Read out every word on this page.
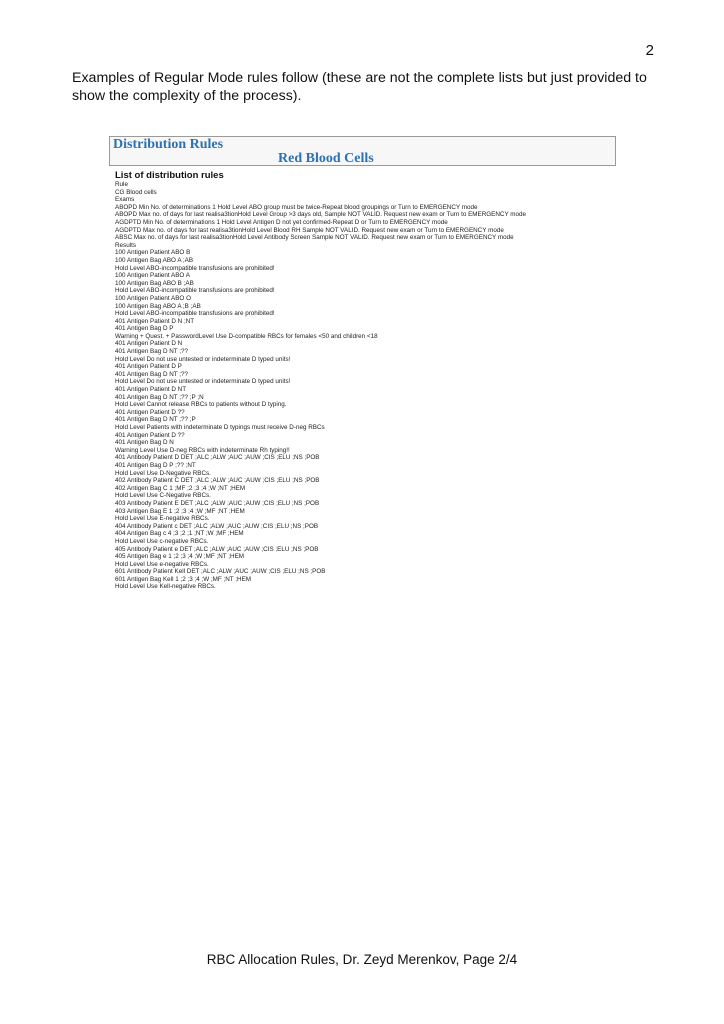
2
Examples of Regular Mode rules follow (these are not the complete lists but just provided to show the complexity of the process).
Distribution Rules
Red Blood Cells
List of distribution rules
Rule
CG Blood cells
Exams
ABOPD Min No. of determinations 1 Hold Level ABO group must be twice-Repeat blood groupings or Turn to EMERGENCY mode
ABOPD Max no. of days for last realisa3tionHold Level Group >3 days old, Sample NOT VALID. Request new exam or Turn to EMERGENCY mode
AGDPTD Min No. of determinations 1 Hold Level Antigen D not yet confirmed-Repeat D or Turn to EMERGENCY mode
AGDPTD Max no. of days for last realisa3tionHold Level Blood RH Sample NOT VALID. Request new exam or Turn to EMERGENCY mode
ABSC Max no. of days for last realisa3tionHold Level Antibody Screen Sample NOT VALID. Request new exam or Turn to EMERGENCY mode
Results
100 Antigen Patient ABO B
100 Antigen Bag ABO A ;AB
Hold Level ABO-incompatible transfusions are prohibited!
100 Antigen Patient ABO A
100 Antigen Bag ABO B ;AB
Hold Level ABO-incompatible transfusions are prohibited!
100 Antigen Patient ABO O
100 Antigen Bag ABO A ;B ;AB
Hold Level ABO-incompatible transfusions are prohibited!
401 Antigen Patient D N ;NT
401 Antigen Bag D P
Warning + Quest. + PasswordLevel Use D-compatible RBCs for females <50 and children <18
401 Antigen Patient D N
401 Antigen Bag D NT ;??
Hold Level Do not use untested or indeterminate D typed units!
401 Antigen Patient D P
401 Antigen Bag D NT ;??
Hold Level Do not use untested or indeterminate D typed units!
401 Antigen Patient D NT
401 Antigen Bag D NT ;?? ;P ;N
Hold Level Cannot release RBCs to patients without D typing.
401 Antigen Patient D ??
401 Antigen Bag D NT ;?? ;P
Hold Level Patients with indeterminate D typings must receive D-neg RBCs
401 Antigen Patient D ??
401 Antigen Bag D N
Warning Level Use D-neg RBCs with indeterminate Rh typing!!
401 Antibody Patient D DET ;ALC ;ALW ;AUC ;AUW ;CIS ;ELU ;NS ;POB
401 Antigen Bag D P ;?? ;NT
Hold Level Use D-Negative RBCs.
402 Antibody Patient C DET ;ALC ;ALW ;AUC ;AUW ;CIS ;ELU ;NS ;POB
402 Antigen Bag C 1 ;MF ;2 ;3 ;4 ;W ;NT ;HEM
Hold Level Use C-Negative RBCs.
403 Antibody Patient E DET ;ALC ;ALW ;AUC ;AUW ;CIS ;ELU ;NS ;POB
403 Antigen Bag E 1 ;2 ;3 ;4 ;W ;MF ;NT ;HEM
Hold Level Use E-negative RBCs.
404 Antibody Patient c DET ;ALC ;ALW ;AUC ;AUW ;CIS ;ELU ;NS ;POB
404 Antigen Bag c 4 ;3 ;2 ;1 ;NT ;W ;MF ;HEM
Hold Level Use c-negative RBCs.
405 Antibody Patient e DET ;ALC ;ALW ;AUC ;AUW ;CIS ;ELU ;NS ;POB
405 Antigen Bag e 1 ;2 ;3 ;4 ;W ;MF ;NT ;HEM
Hold Level Use e-negative RBCs.
601 Antibody Patient Kell DET ;ALC ;ALW ;AUC ;AUW ;CIS ;ELU ;NS ;POB
601 Antigen Bag Kell 1 ;2 ;3 ;4 ;W ;MF ;NT ;HEM
Hold Level Use Kell-negative RBCs.
RBC Allocation Rules, Dr. Zeyd Merenkov, Page 2/4
